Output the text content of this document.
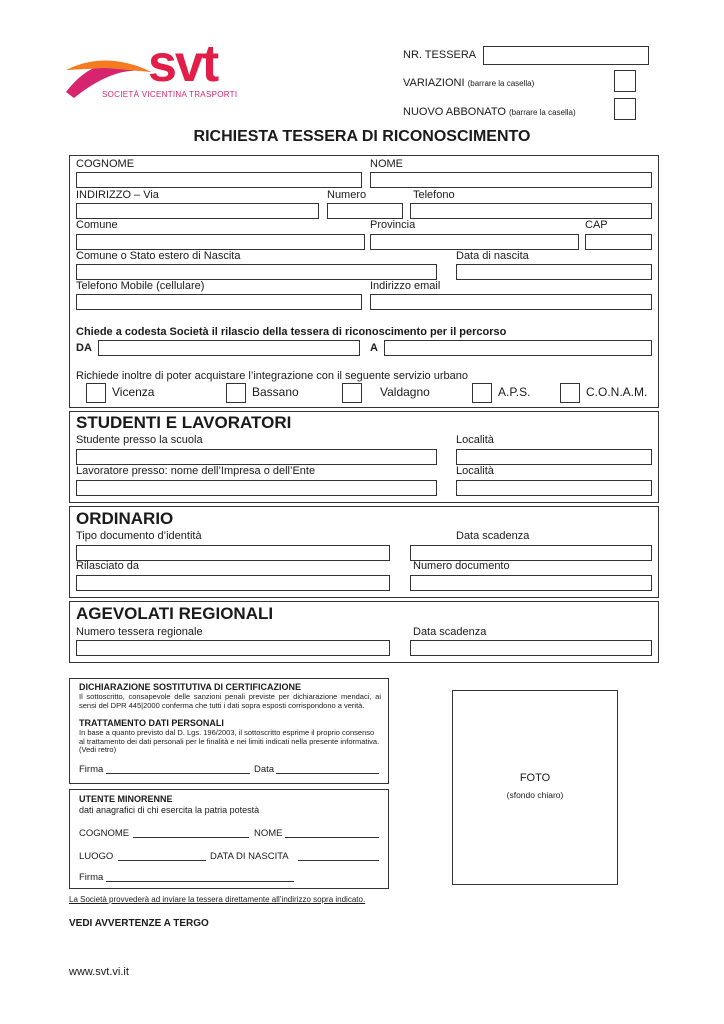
svt
SOCIETÀ VICENTINA TRASPORTI
NR. TESSERA
VARIAZIONI (barrare la casella)
NUOVO ABBONATO (barrare la casella)
RICHIESTA TESSERA DI RICONOSCIMENTO
COGNOME	NOME
INDIRIZZO – Via	Numero	Telefono
Comune	Provincia	CAP
Comune o Stato estero di Nascita	Data di nascita
Telefono Mobile (cellulare)	Indirizzo email
Chiede a codesta Società il rilascio della tessera di riconoscimento per il percorso
DA	A
Richiede inoltre di poter acquistare l’integrazione con il seguente servizio urbano
Vicenza	Bassano	Valdagno	A.P.S.	C.O.N.A.M.
STUDENTI E LAVORATORI
Studente presso la scuola	Località
Lavoratore presso: nome dell’Impresa o dell’Ente	Località
ORDINARIO
Tipo documento d’identità	Data scadenza
Rilasciato da	Numero documento
AGEVOLATI REGIONALI
Numero tessera regionale	Data scadenza
DICHIARAZIONE SOSTITUTIVA DI CERTIFICAZIONE
Il sottoscritto, consapevole delle sanzioni penali previste per dichiarazione mendaci, ai sensi del DPR 445|2000 conferma che tutti i dati sopra esposti corrispondono a verità.
TRATTAMENTO DATI PERSONALI
In base a quanto previsto dal D. Lgs. 196/2003, il sottoscritto esprime il proprio consenso al trattamento dei dati personali per le finalità e nei limiti indicati nella presente informativa. (Vedi retro)
Firma	Data
UTENTE MINORENNE
dati anagrafici di chi esercita la patria potestà
COGNOME	NOME
LUOGO	DATA DI NASCITA
Firma
FOTO
(sfondo chiaro)
La Società provvederà ad inviare la tessera direttamente all’indirizzo sopra indicato.
VEDI AVVERTENZE A TERGO
www.svt.vi.it
